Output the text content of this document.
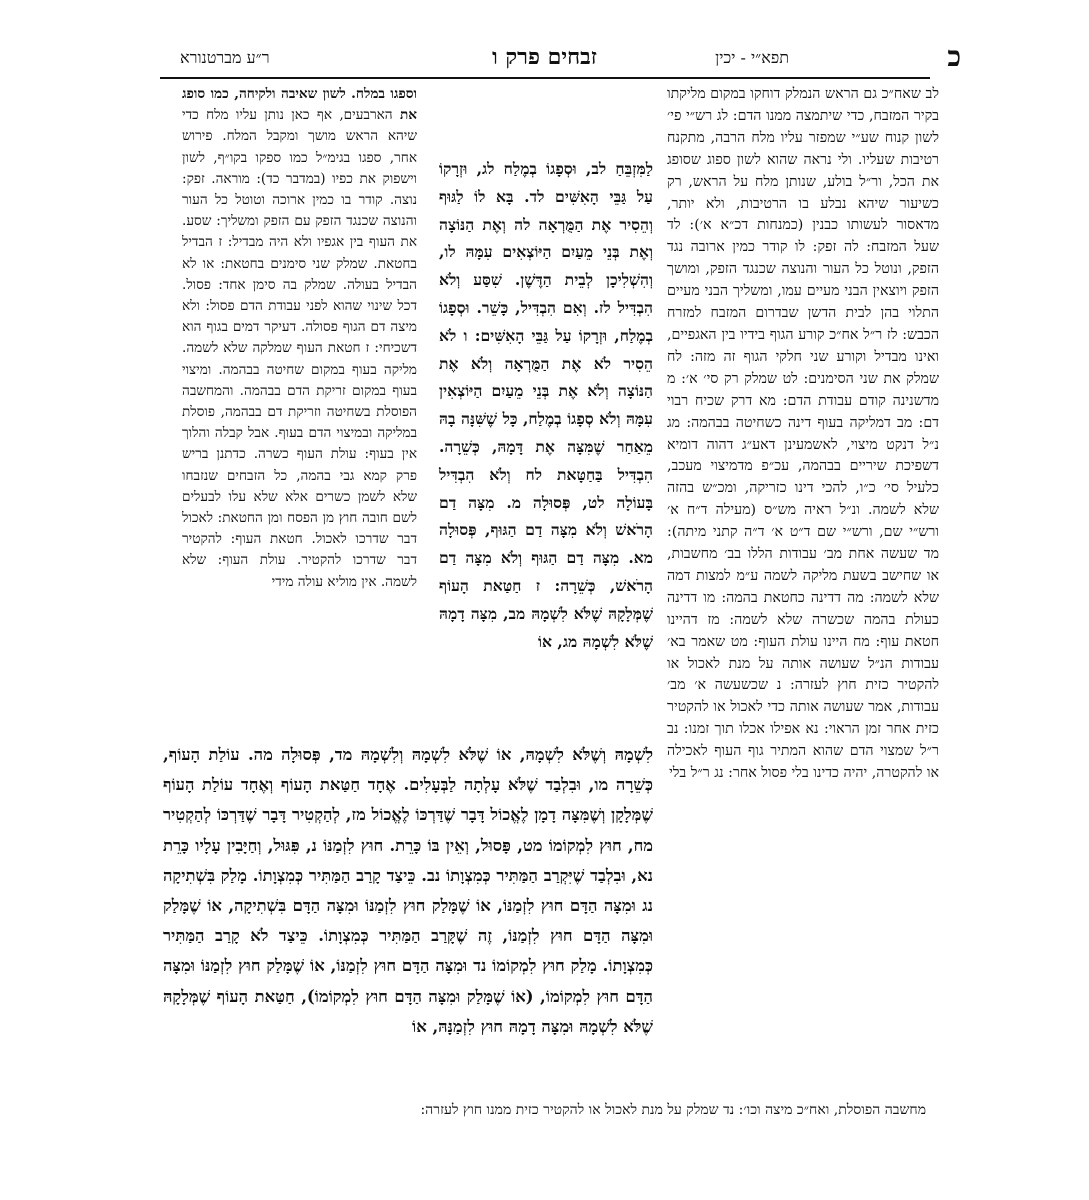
כ
תפא״י - יכין
זבחים פרק ו
ר״ע מברטנורא
לב שאח״כ גם הראש הנמלק דוחקו במקום מליקתו בקיר המזבח, כדי שיתמצה ממנו הדם: לג רש״י פי׳ לשון קנוח שע״י שמפזר עליו מלח הרבה, מתקנח רטיבות שעליו. ולי נראה שהוא לשון ספוג שסופג את הכל, ור״ל בולע, שנותן מלח על הראש, רק כשיעור שיהא נבלע בו הרטיבות, ולא יותר, מדאסור לעשותו כבנין (כמנחות דכ״א א׳): לד שעל המזבח: לה זפק: לו קודר כמין ארובה נגד הזפק, ונוטל כל העור והנוצה שכנגד הזפק, ומושך הזפק ויוצאין הבני מעיים עמו, ומשליך הבני מעיים התלוי בהן לבית הדשן שבדרום המזבח למזרח הכבש: לז ר״ל אח״כ קורע הגוף בידיו בין האגפיים, ואינו מבדיל וקורע שני חלקי הגוף זה מזה: לח שמלק את שני הסימנים: לט שמלק רק סי׳ א׳: מ מדשנינה קודם עבודת הדם: מא דרק שכיח רבוי דם: מב דמליקה בעוף דינה כשחיטה בבהמה: מג נ״ל דנקט מיצוי, לאשמעינן דאע״ג דהוה דומיא דשפיכת שיריים בבהמה, עכ״פ מדמיצוי מעכב, כלעיל סי׳ כ״ו, להכי דינו כזריקה, ומכ״ש בהזה שלא לשמה. ונ״ל ראיה מש״ס (מעילה ד״ח א׳ ורש״י שם, ורש״י שם ד״ט א׳ ד״ה קתני מיתה): מד שעשה אחת מב׳ עבודות הללו בב׳ מחשבות, או שחישב בשעת מליקה לשמה ע״מ למצות דמה שלא לשמה: מה דדינה כחטאת בהמה: מו דדינה כעולת בהמה שכשרה שלא לשמה: מז דהיינו חטאת עוף: מח היינו עולת העוף: מט שאמר בא׳ עבודות הנ״ל שעושה אותה על מנת לאכול או להקטיר כזית חוץ לעזרה: נ שכשעשה א׳ מב׳ עבודות, אמר שעושה אותה כדי לאכול או להקטיר כזית אחר זמן הראוי: נא אפילו אכלו תוך זמנו: נב ר״ל שמצוי הדם שהוא המתיר גוף העוף לאכילה או להקטרה, יהיה כדינו בלי פסול אחר: נג ר״ל בלי
וספגו במלח. לשון שאיבה ולקיחה, כמו סופג את הארבעים, אף כאן נותן עליו מלח כדי שיהא הראש מושך ומקבל המלח. פירוש אחר, ספגו בגימ״ל כמו ספקו בקו״ף, לשון וישפוק את כפיו (במדבר כד): מוראה. זפק: נוצה. קודר בו כמין ארוכה וטוטל כל העור והנוצה שכנגד הזפק עם הזפק ומשליך: שסע. את העוף בין אגפיו ולא היה מבדיל: ז הבדיל בחטאת. שמלק שני סימנים בחטאת: או לא הבדיל בעולה. שמלק בה סימן אחד: פסול. דכל שינוי שהוא לפני עבודת הדם פסול: ולא מיצה דם הגוף פסולה. דעיקר דמים בגוף הוא דשכיחי: ז חטאת העוף שמלקה שלא לשמה. מליקה בעוף במקום שחיטה בבהמה. ומיצוי בעוף במקום זריקת הדם בבהמה. והמחשבה הפוסלת בשחיטה וזריקת דם בבהמה, פוסלת במליקה ובמיצוי הדם בעוף. אבל קבלה והלוך אין בעוף: עולת העוף כשרה. כדתנן בריש פרק קמא גבי בהמה, כל הזבחים שנזבחו שלא לשמן כשרים אלא שלא עלו לבעלים לשם חובה חוץ מן הפסח ומן החטאת: לאכול דבר שדרכו לאכול. חטאת העוף: להקטיר דבר שדרכו להקטיר. עולת העוף: שלא לשמה. אין מוליא עולה מידי
לַמִּזְבֵּחַ לב, וּסְפָגוֹ בְמֶלַח לג, וּזְרָקוֹ עַל גַּבֵּי הָאִשִּׁים לד. בָּא לוֹ לַגּוּף וְהֵסִיר אֶת הַמֻּרְאָה לה וְאֶת הַנּוֹצָה וְאֶת בְּנֵי מֵעַיִם הַיּוֹצְאִים עִמָּהּ לו, וְהִשְׁלִיכָן לְבֵית הַדֶּשֶׁן. שִׁסַּע וְלֹא הִבְדִּיל לז. וְאִם הִבְדִּיל, כָּשֵׁר. וּסְפָגוֹ בְמֶלַח, וּזְרָקוֹ עַל גַּבֵּי הָאִשִּׁים: ו לֹא הֵסִיר לֹא אֶת הַמֻּרְאָה וְלֹא אֶת הַנּוֹצָה וְלֹא אֶת בְּנֵי מֵעַיִם הַיּוֹצְאִין עִמָּהּ וְלֹא סְפָגוֹ בְמֶלַח, כָּל שֶׁשִּׁנָּה בָהּ מֵאַחַר שֶׁמִּצָּה אֶת דָּמָהּ, כְּשֵׁרָה. הִבְדִּיל בַּחַטָּאת לח וְלֹא הִבְדִּיל בָּעוֹלָה לט, פְּסוּלָה מ. מִצָּה דַם הָרֹאשׁ וְלֹא מִצָּה דַם הַגּוּף, פְּסוּלָה מא. מִצָּה דַם הַגּוּף וְלֹא מִצָּה דַם הָרֹאשׁ, כְּשֵׁרָה: ז חַטַּאת הָעוֹף שֶׁמְּלָקָהּ שֶׁלֹּא לִשְׁמָהּ מב, מִצָּה דָמָהּ שֶׁלֹּא לִשְׁמָהּ מג, אוֹ
לִשְׁמָהּ וְשֶׁלֹּא לִשְׁמָהּ, אוֹ שֶׁלֹּא לִשְׁמָהּ וְלִשְׁמָהּ מד, פְּסוּלָה מה. עוֹלַת הָעוֹף, כְּשֵׁרָה מו, וּבִלְבַד שֶׁלֹּא עָלְתָה לַבְּעָלִים. אֶחָד חַטַּאת הָעוֹף וְאֶחָד עוֹלַת הָעוֹף שֶׁמְּלָקָן וְשֶׁמִּצָּה דָמָן לֶאֱכוֹל דָּבָר שֶׁדַּרְכּוֹ לֶאֱכוֹל מז, לְהַקְטִיר דָּבָר שֶׁדַּרְכּוֹ לְהַקְטִיר מח, חוּץ לִמְקוֹמוֹ מט, פָּסוּל, וְאֵין בּוֹ כָּרֵת. חוּץ לִזְמַנּוֹ נ, פִּגּוּל, וְחַיָּבִין עָלָיו כָּרֵת נא, וּבִלְבַד שֶׁיִּקְרַב הַמַּתִּיר כְּמִצְוָתוֹ נב. כֵּיצַד קָרַב הַמַּתִּיר כְּמִצְוָתוֹ. מָלַק בִּשְׁתִיקָה נג וּמִצָּה הַדָּם חוּץ לִזְמַנּוֹ, אוֹ שֶׁמָּלַק חוּץ לִזְמַנּוֹ וּמִצָּה הַדָּם בִּשְׁתִיקָה, אוֹ שֶׁמָּלַק וּמִצָּה הַדָּם חוּץ לִזְמַנּוֹ, זֶה שֶׁקָּרַב הַמַּתִּיר כְּמִצְוָתוֹ. כֵּיצַד לֹא קָרַב הַמַּתִּיר כְּמִצְוָתוֹ. מָלַק חוּץ לִמְקוֹמוֹ נד וּמִצָּה הַדָּם חוּץ לִזְמַנּוֹ, אוֹ שֶׁמָּלַק חוּץ לִזְמַנּוֹ וּמִצָּה הַדָּם חוּץ לִמְקוֹמוֹ, (אוֹ שֶׁמָּלַק וּמִצָּה הַדָּם חוּץ לִמְקוֹמוֹ), חַטַּאת הָעוֹף שֶׁמְּלָקָהּ שֶׁלֹּא לִשְׁמָהּ וּמִצָּה דָמָהּ חוּץ לִזְמַנָּהּ, אוֹ
מחשבה הפוסלת, ואח״כ מיצה וכו׳: נד שמלק על מנת לאכול או להקטיר כזית ממנו חוץ לעזרה:
